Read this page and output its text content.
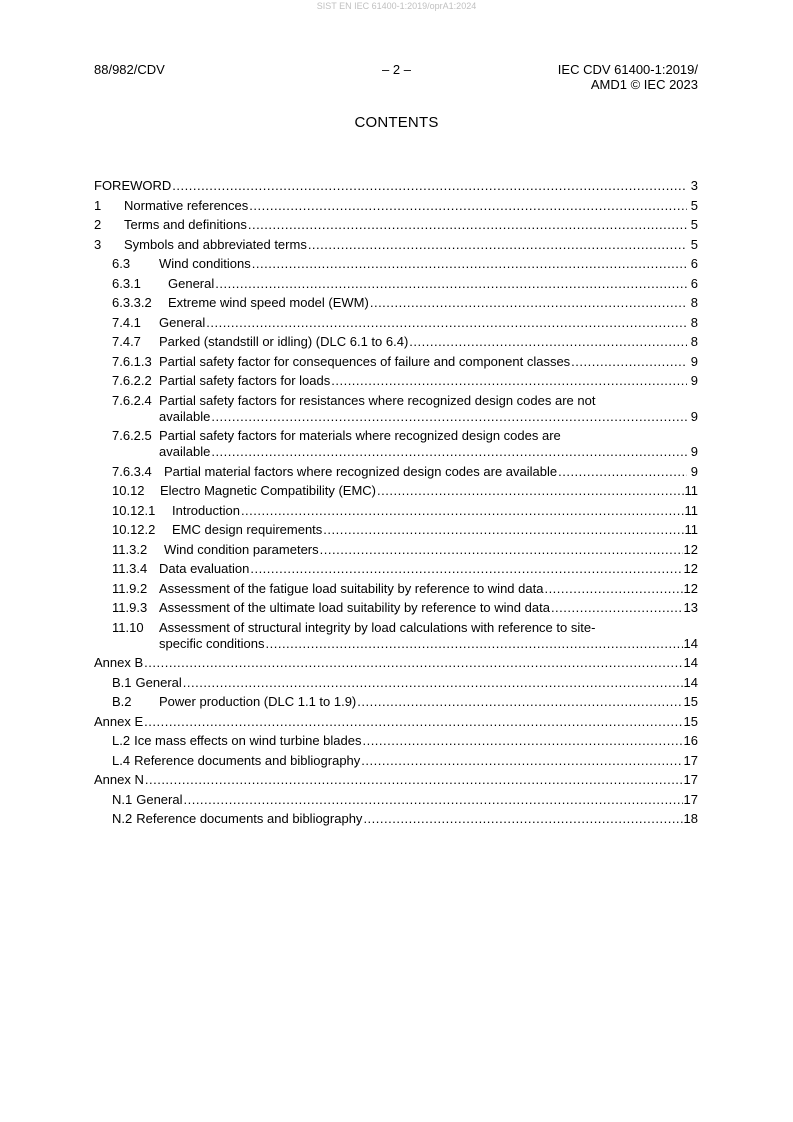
SIST EN IEC 61400-1:2019/oprA1:2024
88/982/CDV	– 2 –	IEC CDV 61400-1:2019/
AMD1 © IEC 2023
CONTENTS
FOREWORD .....	3
1	Normative references .....	5
2	Terms and definitions .....	5
3	Symbols and abbreviated terms .....	5
6.3	Wind conditions .....	6
6.3.1	General .....	6
6.3.3.2	Extreme wind speed model (EWM) .....	8
7.4.1	General .....	8
7.4.7	Parked (standstill or idling) (DLC 6.1 to 6.4) .....	8
7.6.1.3 Partial safety factor for consequences of failure and component classes .....	9
7.6.2.2 Partial safety factors for loads .....	9
7.6.2.4 Partial safety factors for resistances where recognized design codes are not
available .....	9
7.6.2.5 Partial safety factors for materials where recognized design codes are
available .....	9
7.6.3.4 Partial material factors where recognized design codes are available .....	9
10.12	Electro Magnetic Compatibility (EMC) .....	11
10.12.1	Introduction .....	11
10.12.2	EMC design requirements .....	11
11.3.2	Wind condition parameters .....	12
11.3.4 Data evaluation .....	12
11.9.2 Assessment of the fatigue load suitability by reference to wind data .....	12
11.9.3 Assessment of the ultimate load suitability by reference to wind data .....	13
11.10	Assessment of structural integrity by load calculations with reference to site-
specific conditions .....	14
Annex B .....	14
B.1 General .....	14
B.2	Power production (DLC 1.1 to 1.9) .....	15
Annex E .....	15
L.2 Ice mass effects on wind turbine blades .....	16
L.4 Reference documents and bibliography .....	17
Annex N .....	17
N.1 General .....	17
N.2 Reference documents and bibliography .....	18
